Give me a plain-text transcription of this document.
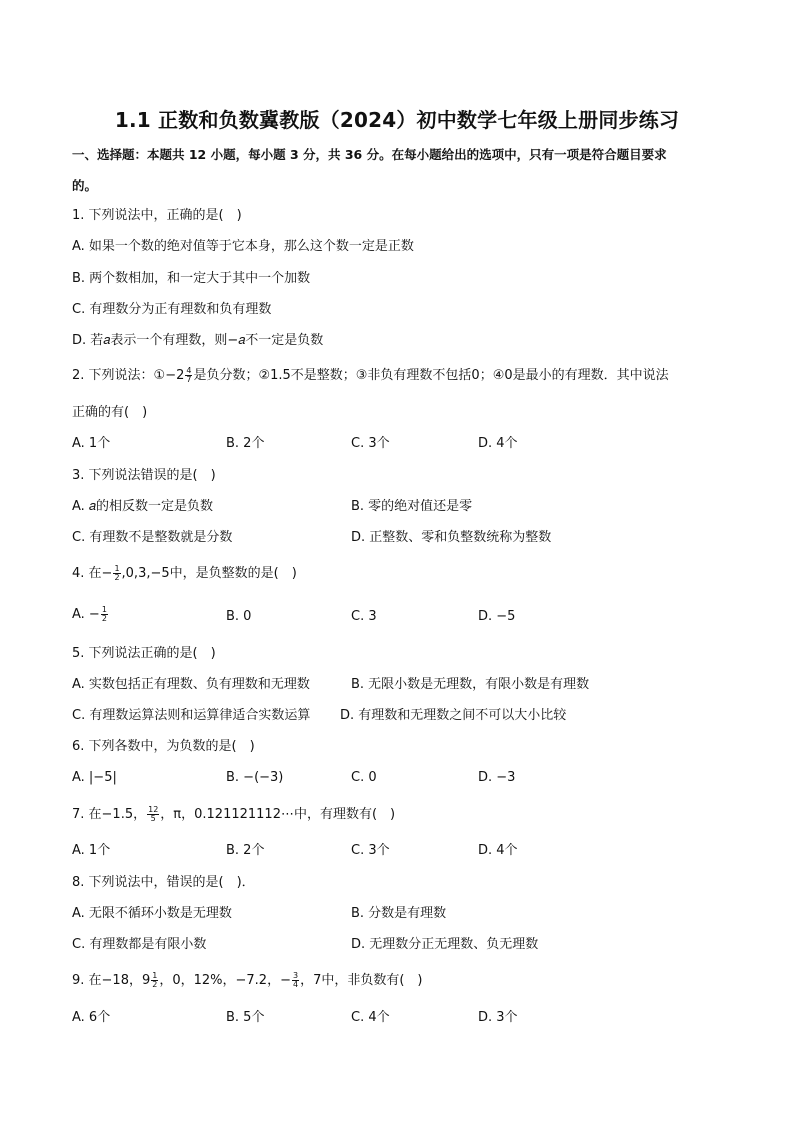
1.1 正数和负数冀教版（2024）初中数学七年级上册同步练习
一、选择题：本题共 12 小题，每小题 3 分，共 36 分。在每小题给出的选项中，只有一项是符合题目要求
的。
1. 下列说法中，正确的是(　)
A. 如果一个数的绝对值等于它本身，那么这个数一定是正数
B. 两个数相加，和一定大于其中一个加数
C. 有理数分为正有理数和负有理数
D. 若𝑎表示一个有理数，则−𝑎不一定是负数
2. 下列说法：①−2 $\frac{4}{7}$ 是负分数；②1.5不是整数；③非负有理数不包括0；④0是最小的有理数．其中说法
正确的有(　)
A. 1个	B. 2个	C. 3个	D. 4个
3. 下列说法错误的是(　)
A. 𝑎的相反数一定是负数	B. 零的绝对值还是零
C. 有理数不是整数就是分数	D. 正整数、零和负整数统称为整数
4. 在− $\frac{1}{2} ,0,3,-5$中，是负整数的是(　)
A. − $\frac{1}{2}$	B. 0	C. 3	D. −5
5. 下列说法正确的是(　)
A. 实数包括正有理数、负有理数和无理数	B. 无限小数是无理数，有限小数是有理数
C. 有理数运算法则和运算律适合实数运算 D. 有理数和无理数之间不可以大小比较
6. 下列各数中，为负数的是(　)
A. |−5|	B. −(−3)	C. 0	D. −3
7. 在−1.5， $\frac{12}{5}$ ，π，0.121121112⋯中，有理数有(　)
A. 1个	B. 2个	C. 3个	D. 4个
8. 下列说法中，错误的是(　)．
A. 无限不循环小数是无理数	B. 分数是有理数
C. 有理数都是有限小数	D. 无理数分正无理数、负无理数
9. 在−18，$9 \frac{1}{2}$ ，0，12%，−7.2，− $\frac{3}{4}$ ，7中，非负数有(　)
A. 6个	B. 5个	C. 4个	D. 3个
